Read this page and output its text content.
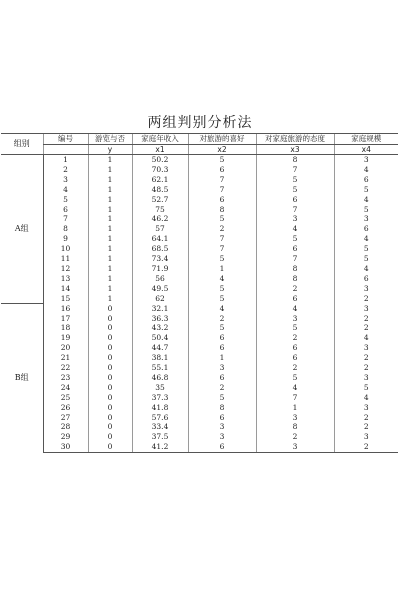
两组判别分析法
组别	编号	游览与否	家庭年收入	对旅游的喜好	对家庭旅游的态度	家庭规模
		y	x1	x2	x3	x4
A组	1	1	50.2	5	8	3
	2	1	70.3	6	7	4
	3	1	62.1	7	5	6
	4	1	48.5	7	5	5
	5	1	52.7	6	6	4
	6	1	75	8	7	5
	7	1	46.2	5	3	3
	8	1	57	2	4	6
	9	1	64.1	7	5	4
	10	1	68.5	7	6	5
	11	1	73.4	5	7	5
	12	1	71.9	1	8	4
	13	1	56	4	8	6
	14	1	49.5	5	2	3
	15	1	62	5	6	2
B组	16	0	32.1	4	4	3
	17	0	36.3	2	3	2
	18	0	43.2	5	5	2
	19	0	50.4	6	2	4
	20	0	44.7	6	6	3
	21	0	38.1	1	6	2
	22	0	55.1	3	2	2
	23	0	46.8	6	5	3
	24	0	35	2	4	5
	25	0	37.3	5	7	4
	26	0	41.8	8	1	3
	27	0	57.6	6	3	2
	28	0	33.4	3	8	2
	29	0	37.5	3	2	3
	30	0	41.2	6	3	2
